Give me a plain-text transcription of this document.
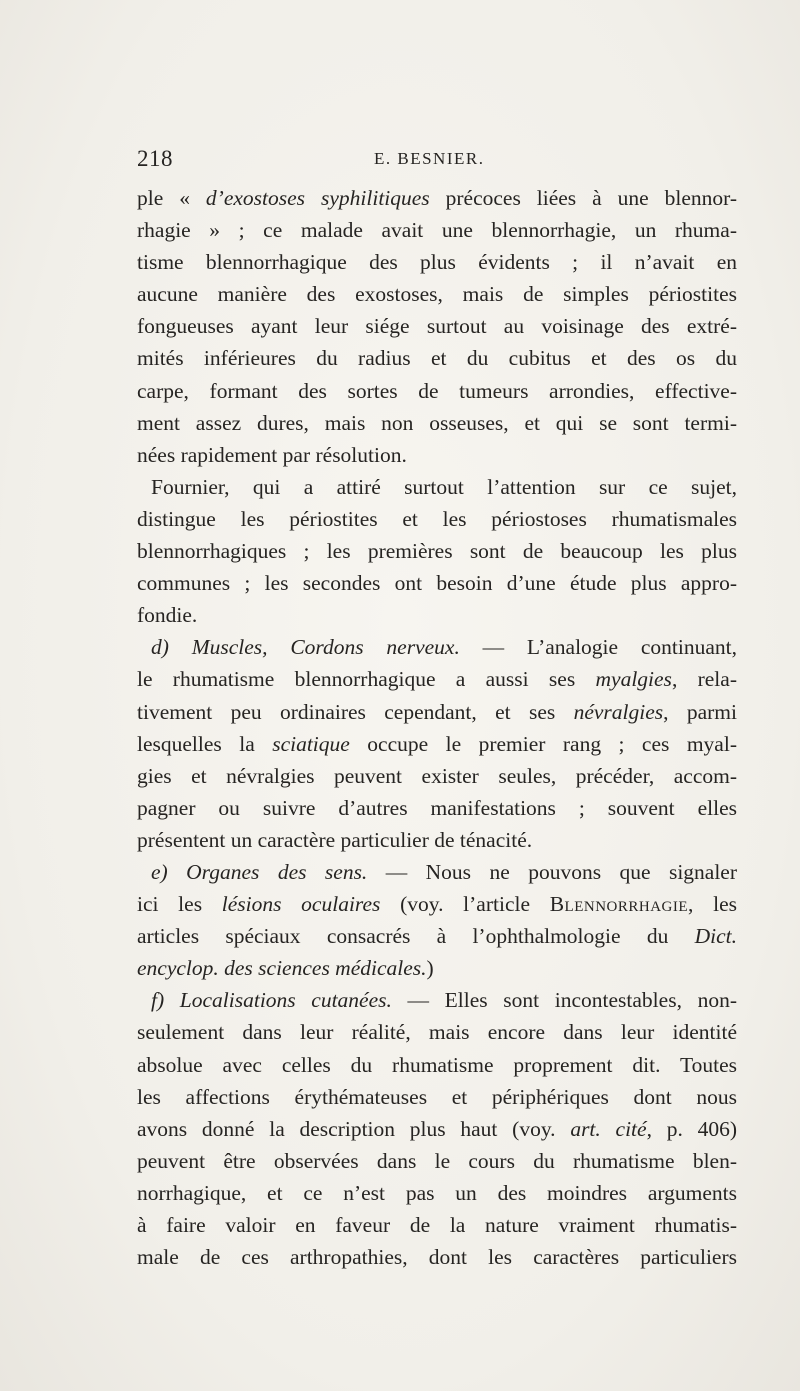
218	E. BESNIER.
ple « d’exostoses syphilitiques précoces liées à une blennor-
rhagie » ; ce malade avait une blennorrhagie, un rhuma-
tisme blennorrhagique des plus évidents ; il n’avait en
aucune manière des exostoses, mais de simples périostites
fongueuses ayant leur siége surtout au voisinage des extré-
mités inférieures du radius et du cubitus et des os du
carpe, formant des sortes de tumeurs arrondies, effective-
ment assez dures, mais non osseuses, et qui se sont termi-
nées rapidement par résolution.
Fournier, qui a attiré surtout l’attention sur ce sujet,
distingue les périostites et les périostoses rhumatismales
blennorrhagiques ; les premières sont de beaucoup les plus
communes ; les secondes ont besoin d’une étude plus appro-
fondie.
d) Muscles, Cordons nerveux. — L’analogie continuant,
le rhumatisme blennorrhagique a aussi ses myalgies, rela-
tivement peu ordinaires cependant, et ses névralgies, parmi
lesquelles la sciatique occupe le premier rang ; ces myal-
gies et névralgies peuvent exister seules, précéder, accom-
pagner ou suivre d’autres manifestations ; souvent elles
présentent un caractère particulier de ténacité.
e) Organes des sens. — Nous ne pouvons que signaler
ici les lésions oculaires (voy. l’article Blennorrhagie, les
articles spéciaux consacrés à l’ophthalmologie du Dict.
encyclop. des sciences médicales.)
f) Localisations cutanées. — Elles sont incontestables, non-
seulement dans leur réalité, mais encore dans leur identité
absolue avec celles du rhumatisme proprement dit. Toutes
les affections érythémateuses et périphériques dont nous
avons donné la description plus haut (voy. art. cité, p. 406)
peuvent être observées dans le cours du rhumatisme blen-
norrhagique, et ce n’est pas un des moindres arguments
à faire valoir en faveur de la nature vraiment rhumatis-
male de ces arthropathies, dont les caractères particuliers
